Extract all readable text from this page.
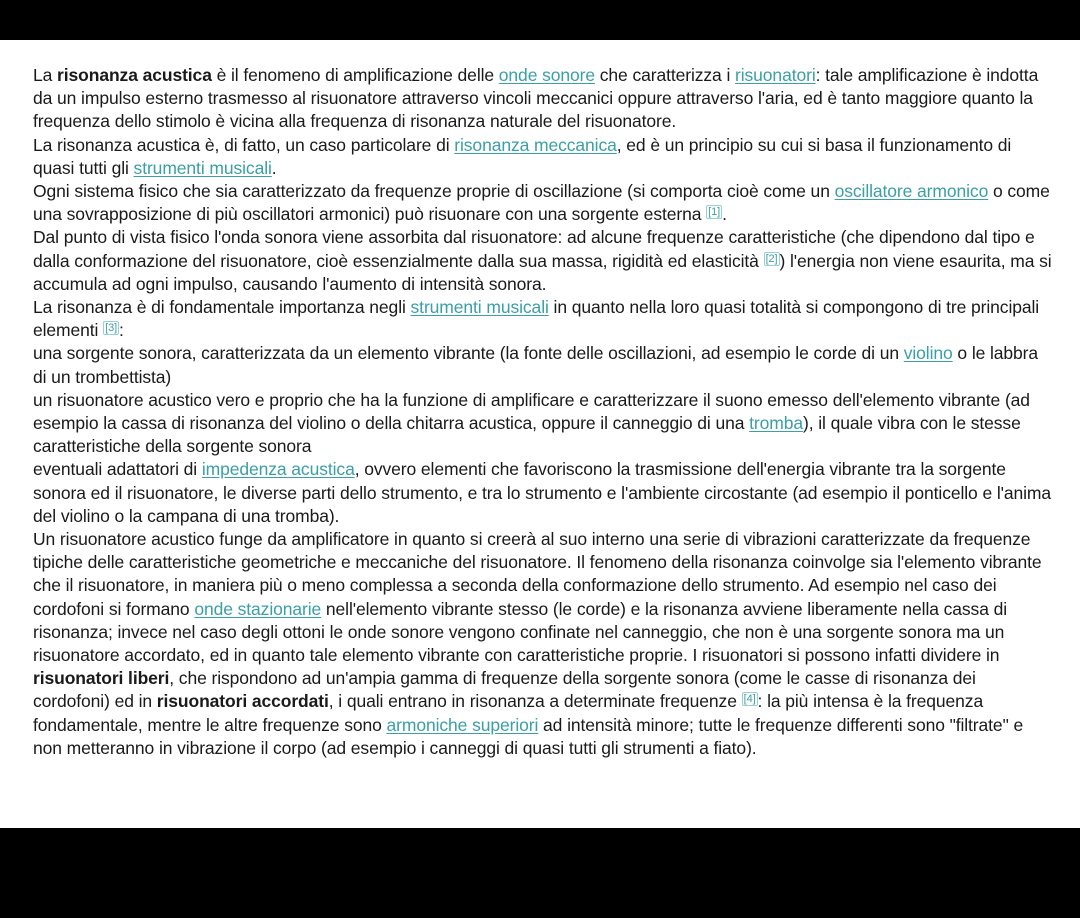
La risonanza acustica è il fenomeno di amplificazione delle onde sonore che caratterizza i risuonatori: tale amplificazione è indotta da un impulso esterno trasmesso al risuonatore attraverso vincoli meccanici oppure attraverso l'aria, ed è tanto maggiore quanto la frequenza dello stimolo è vicina alla frequenza di risonanza naturale del risuonatore.

La risonanza acustica è, di fatto, un caso particolare di risonanza meccanica, ed è un principio su cui si basa il funzionamento di quasi tutti gli strumenti musicali.

Ogni sistema fisico che sia caratterizzato da frequenze proprie di oscillazione (si comporta cioè come un oscillatore armonico o come una sovrapposizione di più oscillatori armonici) può risuonare con una sorgente esterna [1] .

Dal punto di vista fisico l'onda sonora viene assorbita dal risuonatore: ad alcune frequenze caratteristiche (che dipendono dal tipo e dalla conformazione del risuonatore, cioè essenzialmente dalla sua massa, rigidità ed elasticità [2] ) l'energia non viene esaurita, ma si accumula ad ogni impulso, causando l'aumento di intensità sonora.

La risonanza è di fondamentale importanza negli strumenti musicali in quanto nella loro quasi totalità si compongono di tre principali elementi [3] :

una sorgente sonora, caratterizzata da un elemento vibrante (la fonte delle oscillazioni, ad esempio le corde di un violino o le labbra di un trombettista)

un risuonatore acustico vero e proprio che ha la funzione di amplificare e caratterizzare il suono emesso dell'elemento vibrante (ad esempio la cassa di risonanza del violino o della chitarra acustica, oppure il canneggio di una tromba), il quale vibra con le stesse caratteristiche della sorgente sonora

eventuali adattatori di impedenza acustica, ovvero elementi che favoriscono la trasmissione dell'energia vibrante tra la sorgente sonora ed il risuonatore, le diverse parti dello strumento, e tra lo strumento e l'ambiente circostante (ad esempio il ponticello e l'anima del violino o la campana di una tromba).

Un risuonatore acustico funge da amplificatore in quanto si creerà al suo interno una serie di vibrazioni caratterizzate da frequenze tipiche delle caratteristiche geometriche e meccaniche del risuonatore. Il fenomeno della risonanza coinvolge sia l'elemento vibrante che il risuonatore, in maniera più o meno complessa a seconda della conformazione dello strumento. Ad esempio nel caso dei cordofoni si formano onde stazionarie nell'elemento vibrante stesso (le corde) e la risonanza avviene liberamente nella cassa di risonanza; invece nel caso degli ottoni le onde sonore vengono confinate nel canneggio, che non è una sorgente sonora ma un risuonatore accordato, ed in quanto tale elemento vibrante con caratteristiche proprie. I risuonatori si possono infatti dividere in risuonatori liberi, che rispondono ad un'ampia gamma di frequenze della sorgente sonora (come le casse di risonanza dei cordofoni) ed in risuonatori accordati, i quali entrano in risonanza a determinate frequenze [4] : la più intensa è la frequenza fondamentale, mentre le altre frequenze sono armoniche superiori ad intensità minore; tutte le frequenze differenti sono "filtrate" e non metteranno in vibrazione il corpo (ad esempio i canneggi di quasi tutti gli strumenti a fiato).
